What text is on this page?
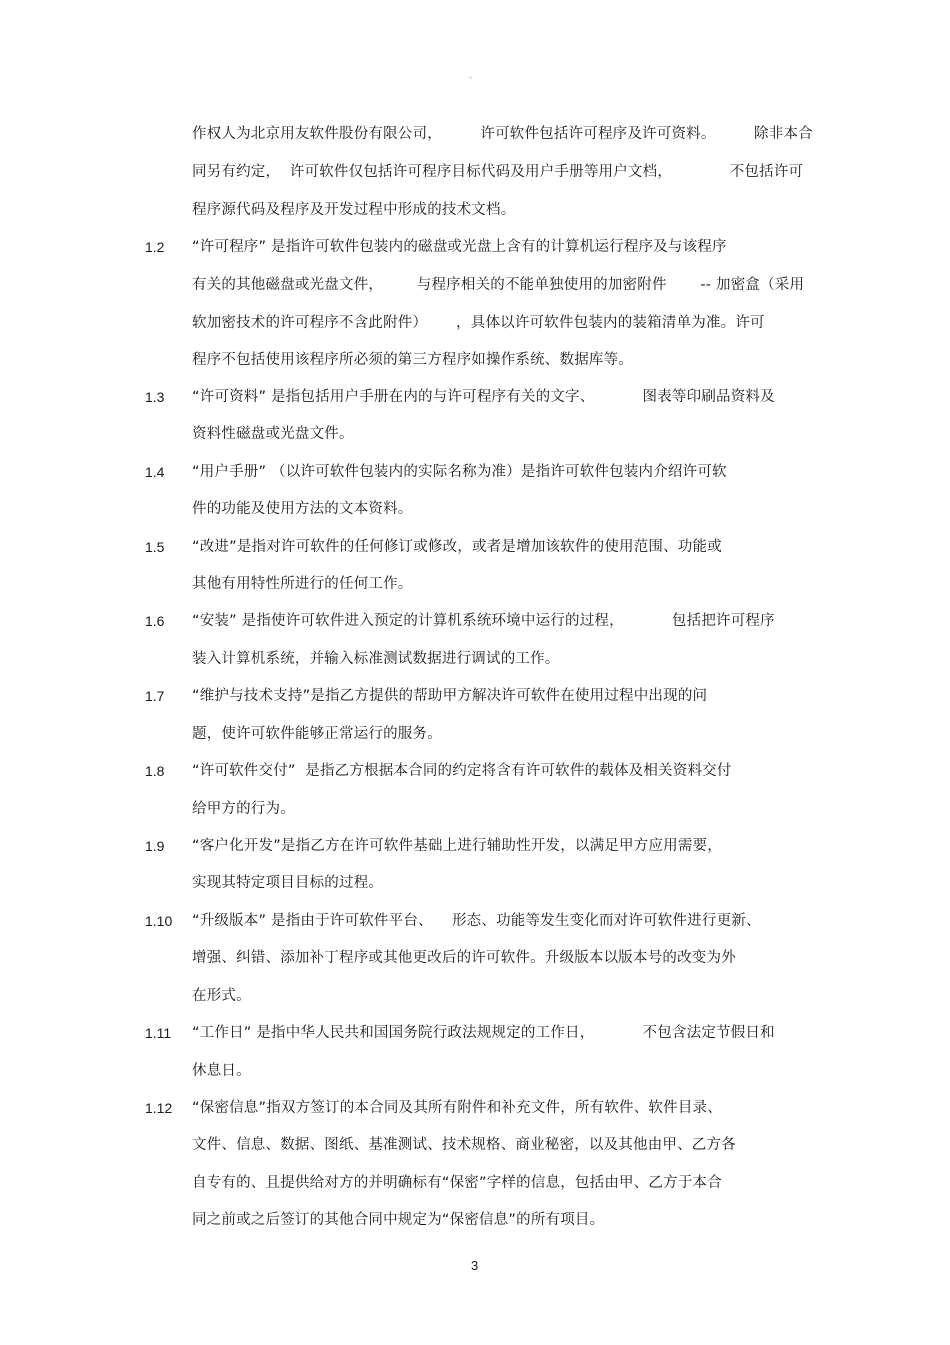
。
作权人为北京用友软件股份有限公司，        许可软件包括许可程序及许可资料。        除非本合
同另有约定，  许可软件仅包括许可程序目标代码及用户手册等用户文档，            不包括许可
程序源代码及程序及开发过程中形成的技术文档。
1.2 “许可程序” 是指许可软件包装内的磁盘或光盘上含有的计算机运行程序及与该程序
有关的其他磁盘或光盘文件，       与程序相关的不能单独使用的加密附件       -- 加密盒（采用
软加密技术的许可程序不含此附件）      ，具体以许可软件包装内的装箱清单为准。许可
程序不包括使用该程序所必须的第三方程序如操作系统、数据库等。
1.3 “许可资料” 是指包括用户手册在内的与许可程序有关的文字、          图表等印刷品资料及
资料性磁盘或光盘文件。
1.4 “用户手册” （以许可软件包装内的实际名称为准）是指许可软件包装内介绍许可软
件的功能及使用方法的文本资料。
1.5 “改进”是指对许可软件的任何修订或修改，或者是增加该软件的使用范围、功能或
其他有用特性所进行的任何工作。
1.6 “安装” 是指使许可软件进入预定的计算机系统环境中运行的过程，          包括把许可程序
装入计算机系统，并输入标准测试数据进行调试的工作。
1.7 “维护与技术支持”是指乙方提供的帮助甲方解决许可软件在使用过程中出现的问
题，使许可软件能够正常运行的服务。
1.8 “许可软件交付”  是指乙方根据本合同的约定将含有许可软件的载体及相关资料交付
给甲方的行为。
1.9 “客户化开发”是指乙方在许可软件基础上进行辅助性开发，以满足甲方应用需要，
实现其特定项目目标的过程。
1.10 “升级版本” 是指由于许可软件平台、    形态、功能等发生变化而对许可软件进行更新、
增强、纠错、添加补丁程序或其他更改后的许可软件。升级版本以版本号的改变为外
在形式。
1.11 “工作日” 是指中华人民共和国国务院行政法规规定的工作日，          不包含法定节假日和
休息日。
1.12 “保密信息”指双方签订的本合同及其所有附件和补充文件，所有软件、软件目录、
文件、信息、数据、图纸、基准测试、技术规格、商业秘密，以及其他由甲、乙方各
自专有的、且提供给对方的并明确标有“保密”字样的信息，包括由甲、乙方于本合
同之前或之后签订的其他合同中规定为“保密信息”的所有项目。
3
